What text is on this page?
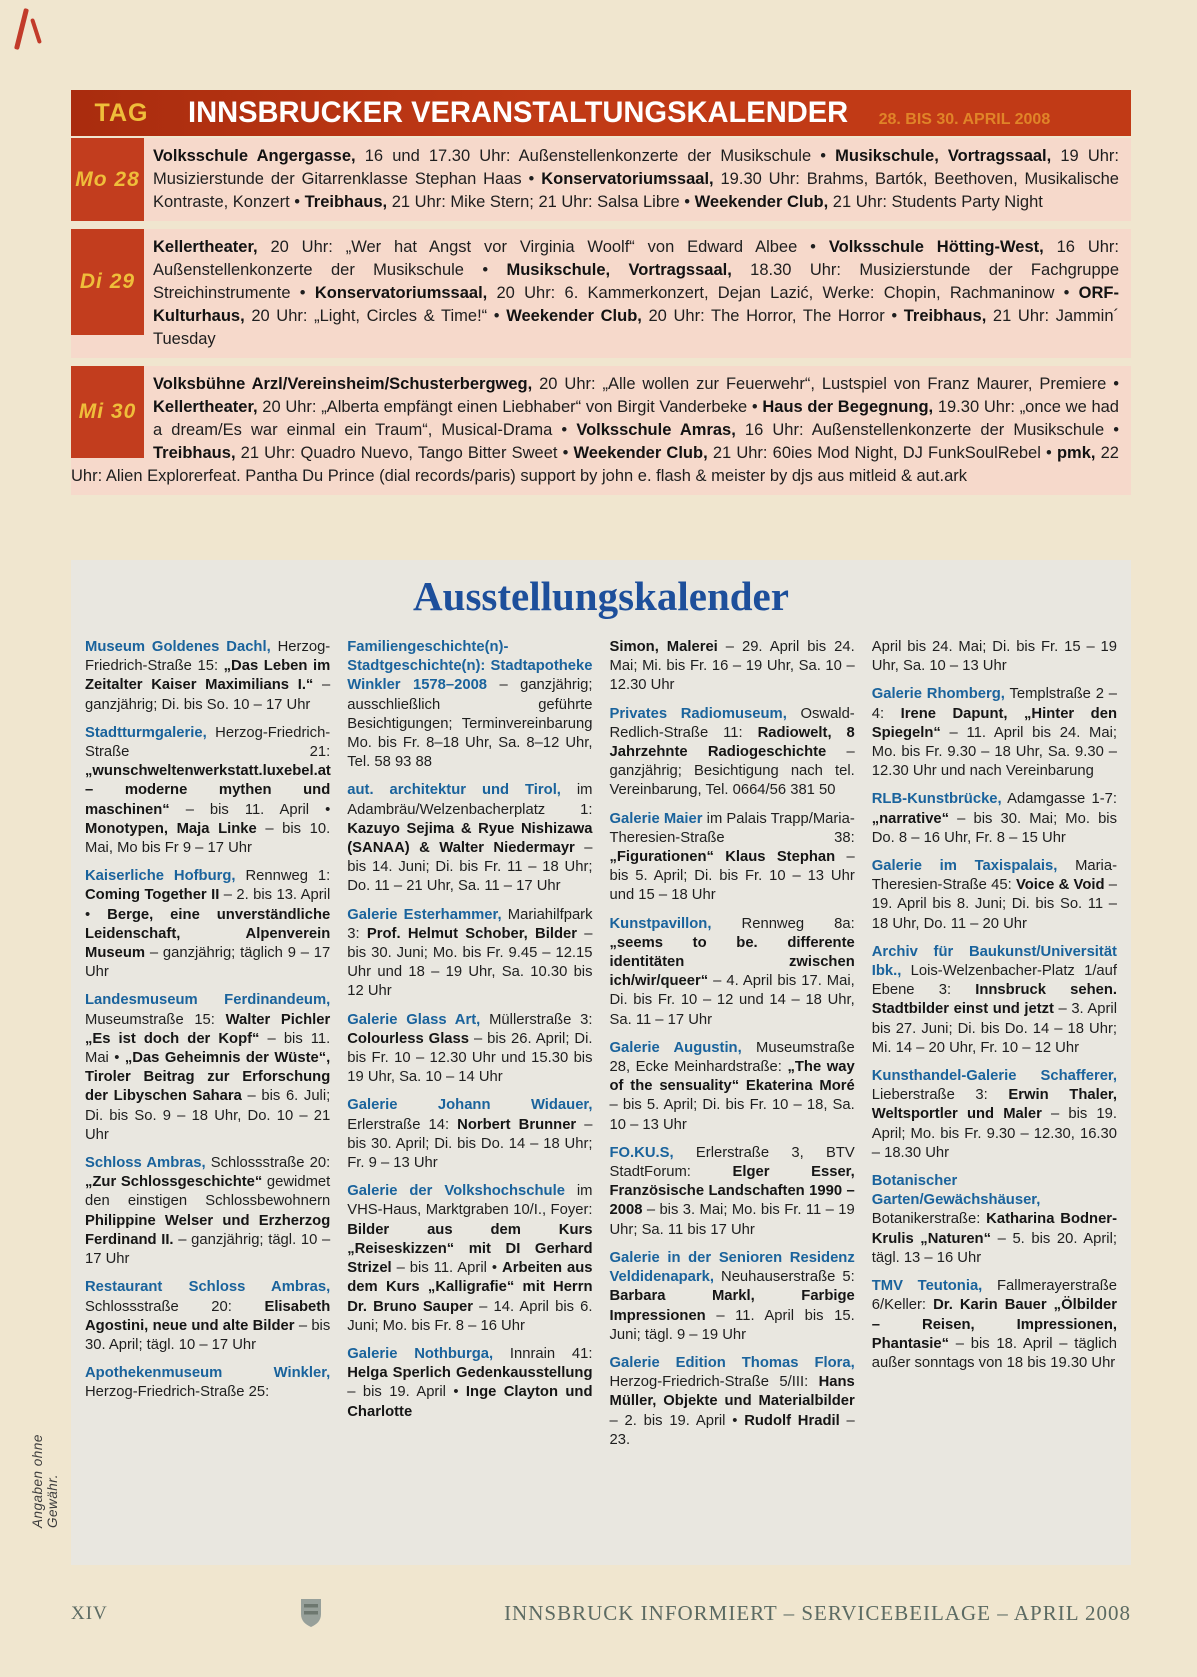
TAG	INNSBRUCKER VERANSTALTUNGSKALENDER 28. BIS 30. APRIL 2008
Mo 28
Volksschule Angergasse, 16 und 17.30 Uhr: Außenstellenkonzerte der Musikschule • Musikschule, Vortragssaal, 19 Uhr: Musizierstunde der Gitarrenklasse Stephan Haas • Konservatoriumssaal, 19.30 Uhr: Brahms, Bartók, Beethoven, Musikalische Kontraste, Konzert • Treibhaus, 21 Uhr: Mike Stern; 21 Uhr: Salsa Libre • Weekender Club, 21 Uhr: Students Party Night
Di 29
Kellertheater, 20 Uhr: „Wer hat Angst vor Virginia Woolf“ von Edward Albee • Volksschule Hötting-West, 16 Uhr: Außenstellenkonzerte der Musikschule • Musikschule, Vortragssaal, 18.30 Uhr: Musizierstunde der Fachgruppe Streichinstrumente • Konservatoriumssaal, 20 Uhr: 6. Kammerkonzert, Dejan Lazić, Werke: Chopin, Rachmaninow • ORF-Kulturhaus, 20 Uhr: „Light, Circles & Time!“ • Weekender Club, 20 Uhr: The Horror, The Horror • Treibhaus, 21 Uhr: Jammin´ Tuesday
Mi 30
Volksbühne Arzl/Vereinsheim/Schusterbergweg, 20 Uhr: „Alle wollen zur Feuerwehr“, Lustspiel von Franz Maurer, Premiere • Kellertheater, 20 Uhr: „Alberta empfängt einen Liebhaber“ von Birgit Vanderbeke • Haus der Begegnung, 19.30 Uhr: „once we had a dream/Es war einmal ein Traum“, Musical-Drama • Volksschule Amras, 16 Uhr: Außenstellenkonzerte der Musikschule • Treibhaus, 21 Uhr: Quadro Nuevo, Tango Bitter Sweet • Weekender Club, 21 Uhr: 60ies Mod Night, DJ FunkSoulRebel • pmk, 22 Uhr: Alien Explorerfeat. Pantha Du Prince (dial records/paris) support by john e. flash & meister by djs aus mitleid & aut.ark
Ausstellungskalender

Museum Goldenes Dachl, Herzog-Friedrich-Straße 15: „Das Leben im Zeitalter Kaiser Maximilians I.“ – ganzjährig; Di. bis So. 10 – 17 Uhr

Stadtturmgalerie, Herzog-Friedrich-Straße 21: „wunschweltenwerkstatt.luxebel.at – moderne mythen und maschinen“ – bis 11. April • Monotypen, Maja Linke – bis 10. Mai, Mo bis Fr 9 – 17 Uhr

Kaiserliche Hofburg, Rennweg 1: Coming Together II – 2. bis 13. April • Berge, eine unverständliche Leidenschaft, Alpenverein Museum – ganzjährig; täglich 9 – 17 Uhr

Landesmuseum Ferdinandeum, Museumstraße 15: Walter Pichler „Es ist doch der Kopf“ – bis 11. Mai • „Das Geheimnis der Wüste“, Tiroler Beitrag zur Erforschung der Libyschen Sahara – bis 6. Juli; Di. bis So. 9 – 18 Uhr, Do. 10 – 21 Uhr

Schloss Ambras, Schlossstraße 20: „Zur Schlossgeschichte“ gewidmet den einstigen Schlossbewohnern Philippine Welser und Erzherzog Ferdinand II. – ganzjährig; tägl. 10 – 17 Uhr

Restaurant Schloss Ambras, Schlossstraße 20: Elisabeth Agostini, neue und alte Bilder – bis 30. April; tägl. 10 – 17 Uhr

Apothekenmuseum Winkler, Herzog-Friedrich-Straße 25:

Familiengeschichte(n)- Stadtgeschichte(n): Stadtapotheke Winkler 1578–2008 – ganzjährig; ausschließlich geführte Besichtigungen; Terminvereinbarung Mo. bis Fr. 8–18 Uhr, Sa. 8–12 Uhr, Tel. 58 93 88

aut. architektur und Tirol, im Adambräu/Welzenbacherplatz 1: Kazuyo Sejima & Ryue Nishizawa (SANAA) & Walter Niedermayr – bis 14. Juni; Di. bis Fr. 11 – 18 Uhr; Do. 11 – 21 Uhr, Sa. 11 – 17 Uhr

Galerie Esterhammer, Mariahilfpark 3: Prof. Helmut Schober, Bilder – bis 30. Juni; Mo. bis Fr. 9.45 – 12.15 Uhr und 18 – 19 Uhr, Sa. 10.30 bis 12 Uhr

Galerie Glass Art, Müllerstraße 3: Colourless Glass – bis 26. April; Di. bis Fr. 10 – 12.30 Uhr und 15.30 bis 19 Uhr, Sa. 10 – 14 Uhr

Galerie Johann Widauer, Erlerstraße 14: Norbert Brunner – bis 30. April; Di. bis Do. 14 – 18 Uhr; Fr. 9 – 13 Uhr

Galerie der Volkshochschule im VHS-Haus, Marktgraben 10/I., Foyer: Bilder aus dem Kurs „Reiseskizzen“ mit DI Gerhard Strizel – bis 11. April • Arbeiten aus dem Kurs „Kalligrafie“ mit Herrn Dr. Bruno Sauper – 14. April bis 6. Juni; Mo. bis Fr. 8 – 16 Uhr

Galerie Nothburga, Innrain 41: Helga Sperlich Gedenkausstellung – bis 19. April • Inge Clayton und Charlotte

Simon, Malerei – 29. April bis 24. Mai; Mi. bis Fr. 16 – 19 Uhr, Sa. 10 – 12.30 Uhr

Privates Radiomuseum, Oswald-Redlich-Straße 11: Radiowelt, 8 Jahrzehnte Radiogeschichte – ganzjährig; Besichtigung nach tel. Vereinbarung, Tel. 0664/56 381 50

Galerie Maier im Palais Trapp/Maria-Theresien-Straße 38: „Figurationen“ Klaus Stephan – bis 5. April; Di. bis Fr. 10 – 13 Uhr und 15 – 18 Uhr

Kunstpavillon, Rennweg 8a: „seems to be. differente identitäten zwischen ich/wir/queer“ – 4. April bis 17. Mai, Di. bis Fr. 10 – 12 und 14 – 18 Uhr, Sa. 11 – 17 Uhr

Galerie Augustin, Museumstraße 28, Ecke Meinhardstraße: „The way of the sensuality“ Ekaterina Moré – bis 5. April; Di. bis Fr. 10 – 18, Sa. 10 – 13 Uhr

FO.KU.S, Erlerstraße 3, BTV StadtForum: Elger Esser, Französische Landschaften 1990 – 2008 – bis 3. Mai; Mo. bis Fr. 11 – 19 Uhr; Sa. 11 bis 17 Uhr

Galerie in der Senioren Residenz Veldidenapark, Neuhauserstraße 5: Barbara Markl, Farbige Impressionen – 11. April bis 15. Juni; tägl. 9 – 19 Uhr

Galerie Edition Thomas Flora, Herzog-Friedrich-Straße 5/III: Hans Müller, Objekte und Materialbilder – 2. bis 19. April • Rudolf Hradil – 23.

April bis 24. Mai; Di. bis Fr. 15 – 19 Uhr, Sa. 10 – 13 Uhr

Galerie Rhomberg, Templstraße 2 – 4: Irene Dapunt, „Hinter den Spiegeln“ – 11. April bis 24. Mai; Mo. bis Fr. 9.30 – 18 Uhr, Sa. 9.30 – 12.30 Uhr und nach Vereinbarung

RLB-Kunstbrücke, Adamgasse 1-7: „narrative“ – bis 30. Mai; Mo. bis Do. 8 – 16 Uhr, Fr. 8 – 15 Uhr

Galerie im Taxispalais, Maria-Theresien-Straße 45: Voice & Void – 19. April bis 8. Juni; Di. bis So. 11 – 18 Uhr, Do. 11 – 20 Uhr

Archiv für Baukunst/Universität Ibk., Lois-Welzenbacher-Platz 1/auf Ebene 3: Innsbruck sehen. Stadtbilder einst und jetzt – 3. April bis 27. Juni; Di. bis Do. 14 – 18 Uhr; Mi. 14 – 20 Uhr, Fr. 10 – 12 Uhr

Kunsthandel-Galerie Schafferer, Lieberstraße 3: Erwin Thaler, Weltsportler und Maler – bis 19. April; Mo. bis Fr. 9.30 – 12.30, 16.30 – 18.30 Uhr

Botanischer Garten/Gewächshäuser, Botanikerstraße: Katharina Bodner-Krulis „Naturen“ – 5. bis 20. April; tägl. 13 – 16 Uhr

TMV Teutonia, Fallmerayerstraße 6/Keller: Dr. Karin Bauer „Ölbilder – Reisen, Impressionen, Phantasie“ – bis 18. April – täglich außer sonntags von 18 bis 19.30 Uhr

Angaben ohne Gewähr.
XIV	INNSBRUCK INFORMIERT – SERVICEBEILAGE – APRIL 2008
